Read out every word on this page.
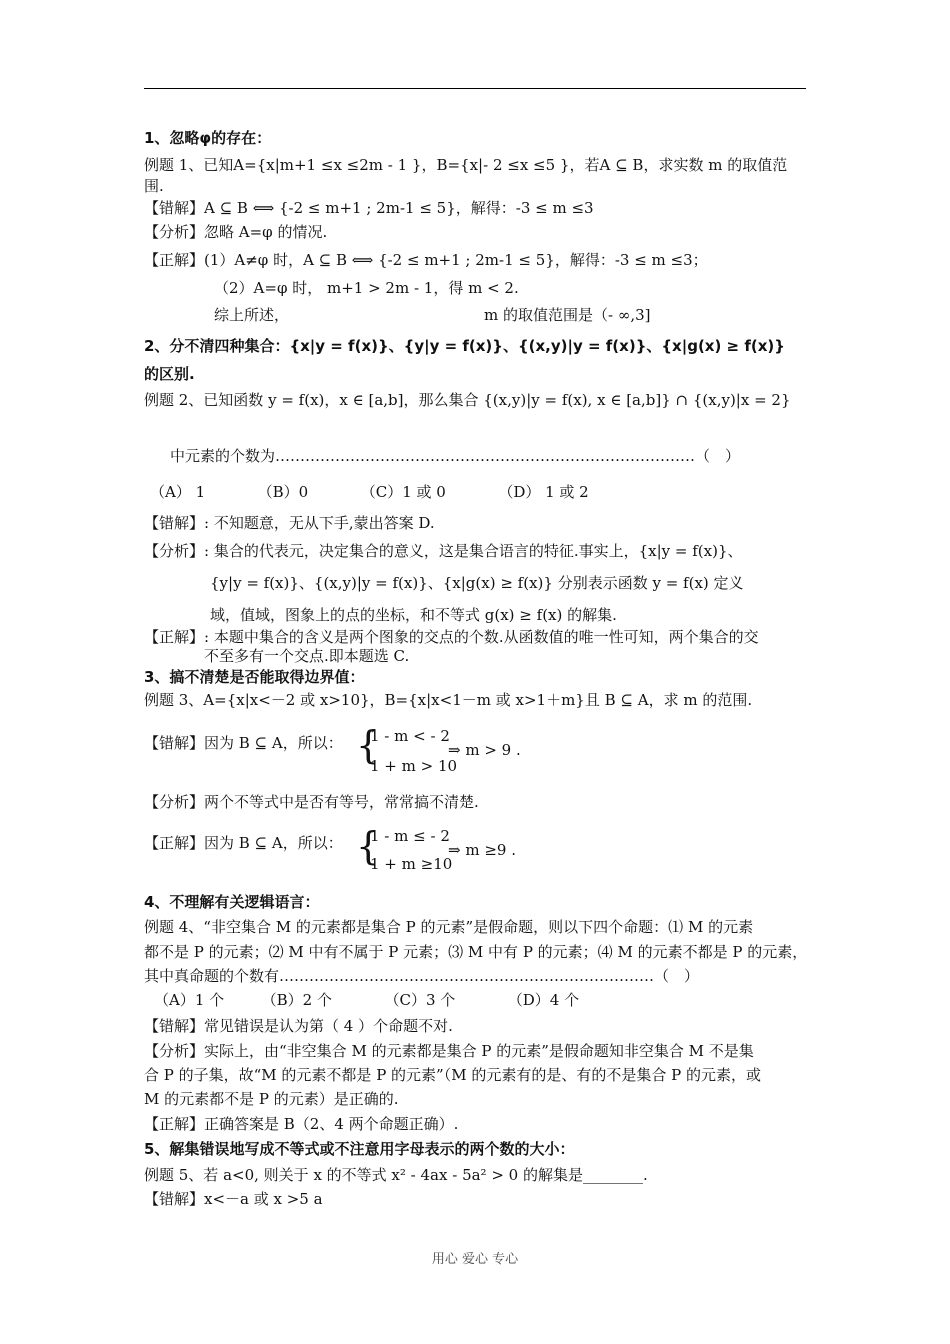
1、忽略φ的存在：
例题 1、已知A={x|m+1 ≤x ≤2m - 1 }，B={x|- 2 ≤x ≤5 }，若A ⊆ B，求实数 m 的取值范
围.
【错解】A ⊆ B ⟺ {-2 ≤ m+1 ; 2m-1 ≤ 5}，解得：-3 ≤ m ≤3
【分析】忽略 A=φ 的情况.
【正解】(1）A≠φ 时，A ⊆ B ⟺ {-2 ≤ m+1 ; 2m-1 ≤ 5}，解得：-3 ≤ m ≤3；
（2）A=φ 时， m+1 > 2m - 1，得 m < 2.
综上所述，	m 的取值范围是（- ∞,3]
2、分不清四种集合：{x|y = f(x)}、{y|y = f(x)}、{(x,y)|y = f(x)}、{x|g(x) ≥ f(x)}
的区别.
例题 2、已知函数 y = f(x)，x ∈ [a,b]，那么集合 {(x,y)|y = f(x), x ∈ [a,b]} ∩ {(x,y)|x = 2}
中元素的个数为…………………………………………………………………………（　）
（A） 1　　　　（B）0　　　　（C）1 或 0　　　　（D） 1 或 2
【错解】: 不知题意，无从下手,蒙出答案 D.
【分析】: 集合的代表元，决定集合的意义，这是集合语言的特征.事实上，{x|y = f(x)}、
{y|y = f(x)}、{(x,y)|y = f(x)}、{x|g(x) ≥ f(x)} 分别表示函数 y = f(x) 定义
域，值域，图象上的点的坐标，和不等式 g(x) ≥ f(x) 的解集.
【正解】: 本题中集合的含义是两个图象的交点的个数.从函数值的唯一性可知，两个集合的交
不至多有一个交点.即本题选 C.
3、搞不清楚是否能取得边界值：
例题 3、A={x|x<－2 或 x>10}，B={x|x<1－m 或 x>1＋m}且 B ⊆ A，求 m 的范围.
【错解】因为 B ⊆ A，所以： {
1 - m < - 2
1 + m > 10
⇒ m > 9 .
【分析】两个不等式中是否有等号，常常搞不清楚.
【正解】因为 B ⊆ A，所以： {
1 - m ≤ - 2
1 + m ≥10
⇒ m ≥9 .
4、不理解有关逻辑语言：
例题 4、“非空集合 M 的元素都是集合 P 的元素”是假命题，则以下四个命题：⑴ M 的元素
都不是 P 的元素；⑵ M 中有不属于 P 元素；⑶ M 中有 P 的元素；⑷ M 的元素不都是 P 的元素，
其中真命题的个数有…………………………………………………………………（　）
（A）1 个　　　（B）2 个　　　　（C）3 个　　　　（D）4 个
【错解】常见错误是认为第（ 4 ）个命题不对.
【分析】实际上，由“非空集合 M 的元素都是集合 P 的元素”是假命题知非空集合 M 不是集
合 P 的子集，故“M 的元素不都是 P 的元素”（M 的元素有的是、有的不是集合 P 的元素，或
M 的元素都不是 P 的元素）是正确的.
【正解】正确答案是 B（2、4 两个命题正确）.
5、解集错误地写成不等式或不注意用字母表示的两个数的大小：
例题 5、若 a<0, 则关于 x 的不等式 x² - 4ax - 5a² > 0 的解集是________.
【错解】x<－a 或 x >5 a
用心 爱心 专心
